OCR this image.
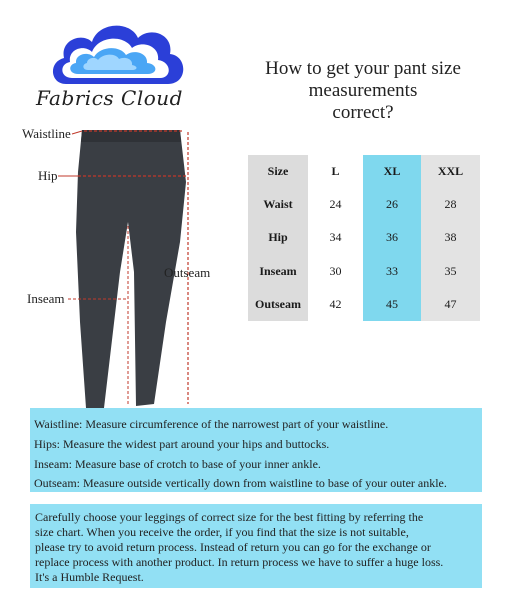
Fabrics Cloud
How to get your pant size
measurements
correct?
Waistline
Hip
Inseam
Outseam
Size	L	XL	XXL
Waist	24	26	28
Hip	34	36	38
Inseam	30	33	35
Outseam	42	45	47
Waistline: Measure circumference of the narrowest part of your waistline.
Hips: Measure the widest part around your hips and buttocks.
Inseam: Measure base of crotch to base of your inner ankle.
Outseam: Measure outside vertically down from waistline to base of your outer ankle.
Carefully choose your leggings of correct size for the best fitting by referring the
size chart. When you receive the order, if you find that the size is not suitable,
please try to avoid return process. Instead of return you can go for the exchange or
replace process with another product. In return process we have to suffer a huge loss.
It's a Humble Request.
